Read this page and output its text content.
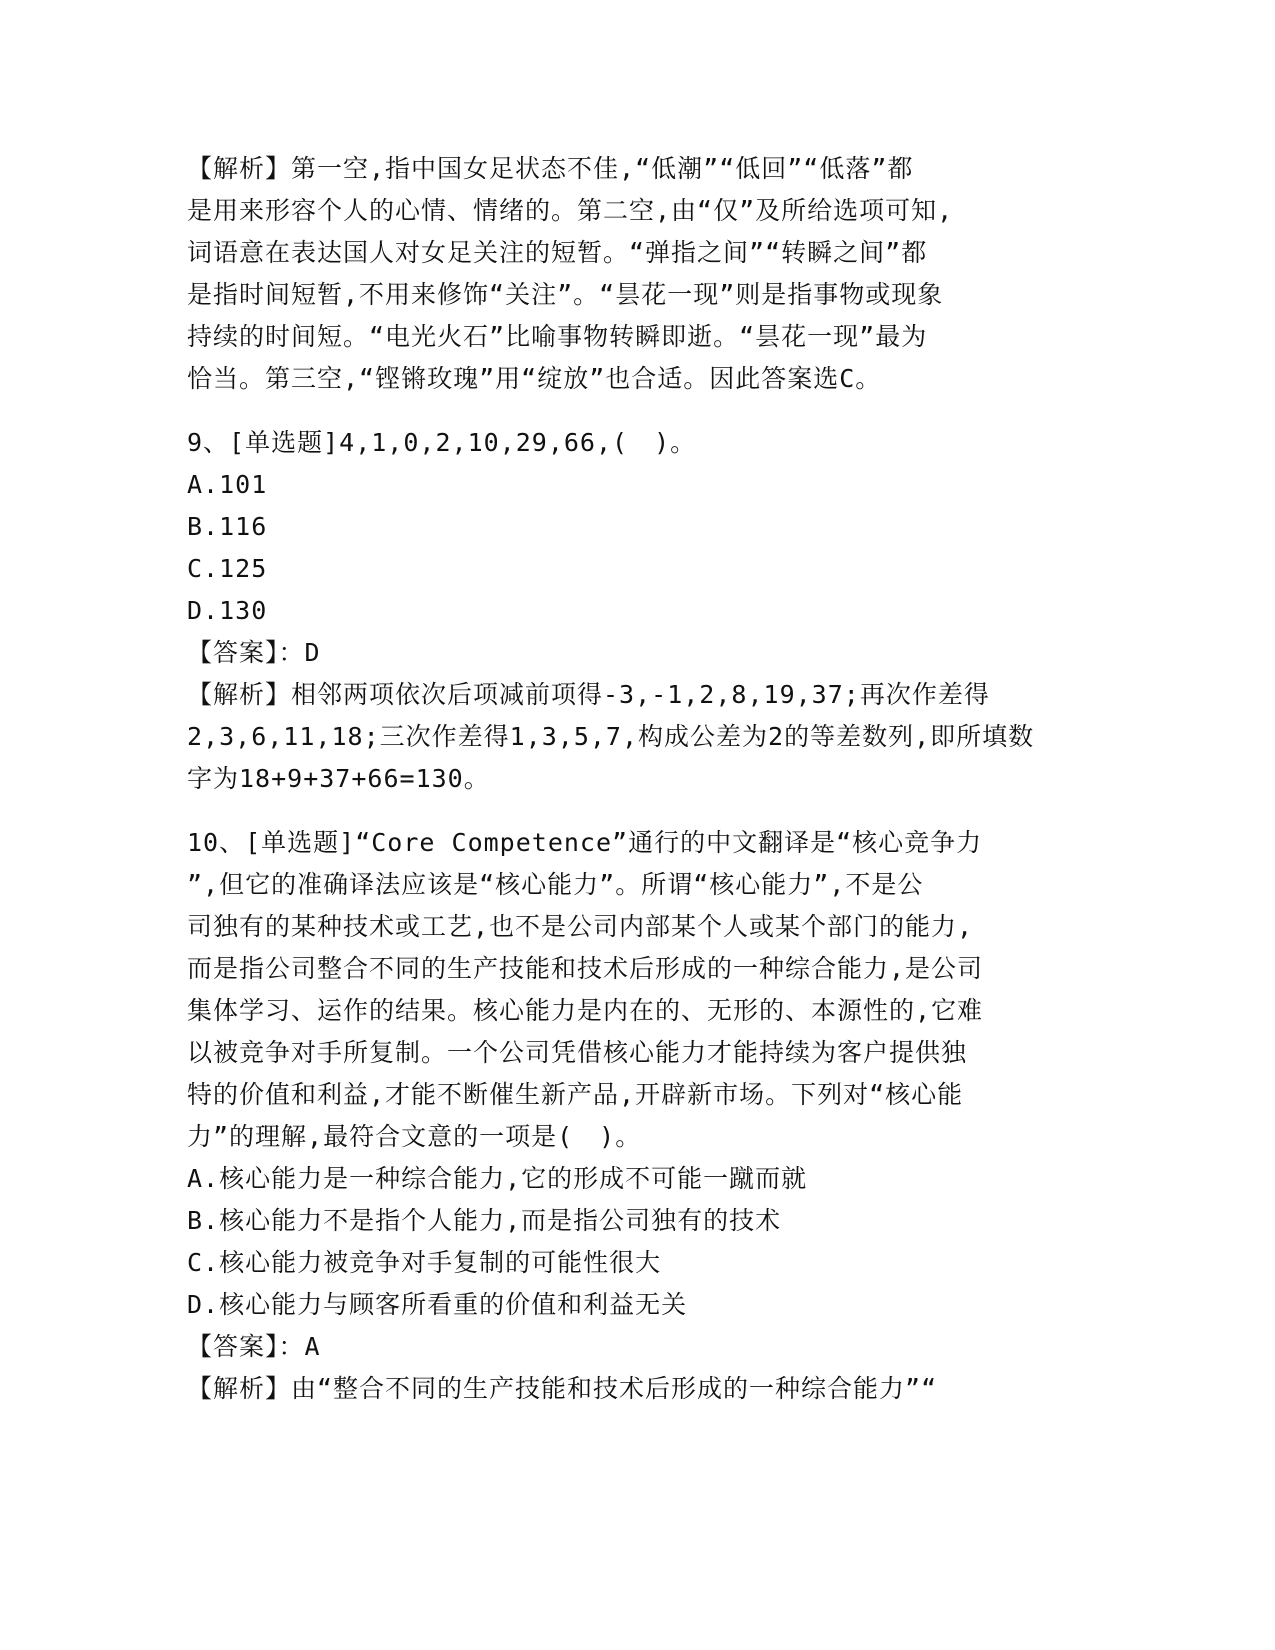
【解析】第一空,指中国女足状态不佳,“低潮”“低回”“低落”都
是用来形容个人的心情、情绪的。第二空,由“仅”及所给选项可知,
词语意在表达国人对女足关注的短暂。“弹指之间”“转瞬之间”都
是指时间短暂,不用来修饰“关注”。“昙花一现”则是指事物或现象
持续的时间短。“电光火石”比喻事物转瞬即逝。“昙花一现”最为
恰当。第三空,“铿锵玫瑰”用“绽放”也合适。因此答案选C。
9、[单选题]4,1,0,2,10,29,66,(　)。
A.101
B.116
C.125
D.130
【答案】：D
【解析】相邻两项依次后项减前项得-3,-1,2,8,19,37;再次作差得
2,3,6,11,18;三次作差得1,3,5,7,构成公差为2的等差数列,即所填数
字为18+9+37+66=130。
10、[单选题]“Core Competence”通行的中文翻译是“核心竞争力
”,但它的准确译法应该是“核心能力”。所谓“核心能力”,不是公
司独有的某种技术或工艺,也不是公司内部某个人或某个部门的能力,
而是指公司整合不同的生产技能和技术后形成的一种综合能力,是公司
集体学习、运作的结果。核心能力是内在的、无形的、本源性的,它难
以被竞争对手所复制。一个公司凭借核心能力才能持续为客户提供独
特的价值和利益,才能不断催生新产品,开辟新市场。下列对“核心能
力”的理解,最符合文意的一项是(　)。
A.核心能力是一种综合能力,它的形成不可能一蹴而就
B.核心能力不是指个人能力,而是指公司独有的技术
C.核心能力被竞争对手复制的可能性很大
D.核心能力与顾客所看重的价值和利益无关
【答案】：A
【解析】由“整合不同的生产技能和技术后形成的一种综合能力”“
